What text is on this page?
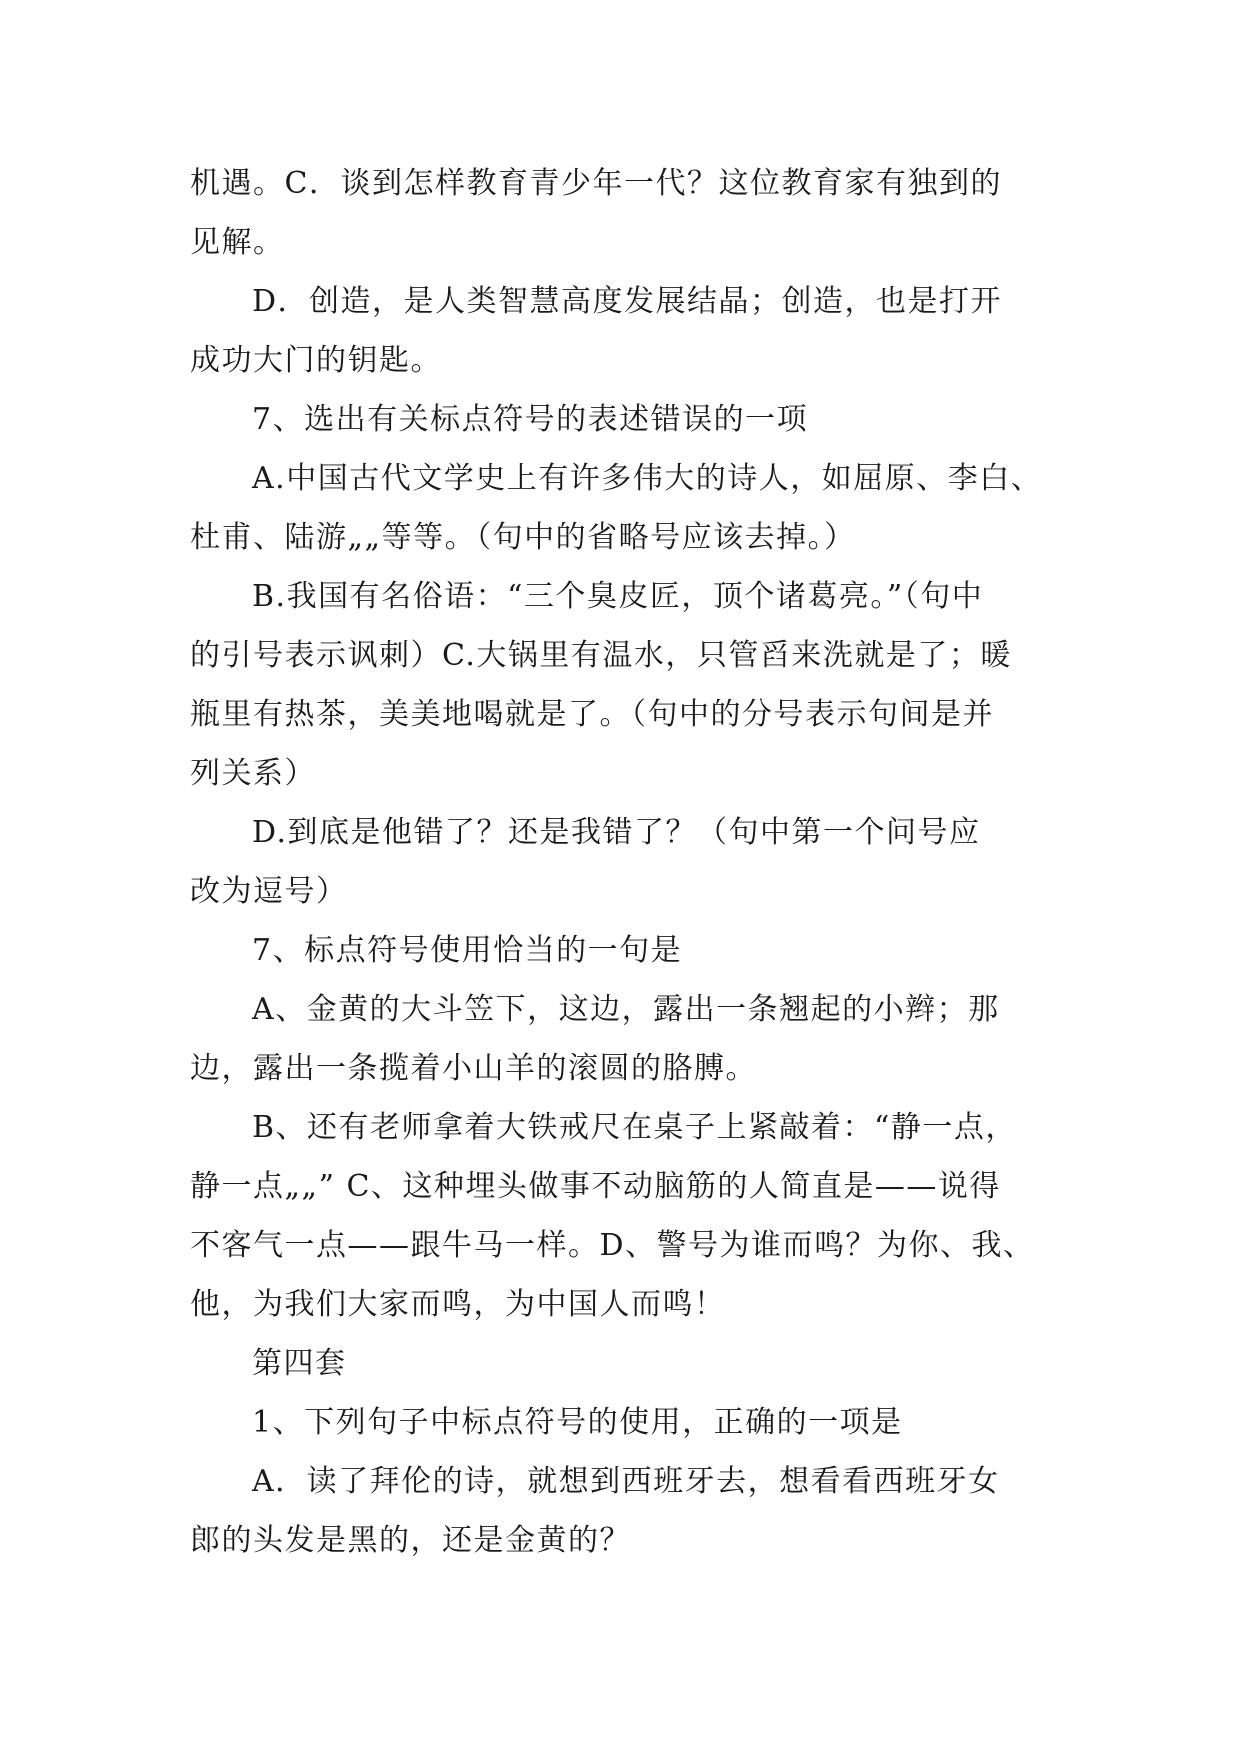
机遇。C．谈到怎样教育青少年一代？这位教育家有独到的
见解。
D．创造，是人类智慧高度发展结晶；创造，也是打开
成功大门的钥匙。
7、选出有关标点符号的表述错误的一项
A.中国古代文学史上有许多伟大的诗人，如屈原、李白、
杜甫、陆游„„等等。（句中的省略号应该去掉。）
B.我国有名俗语：“三个臭皮匠，顶个诸葛亮。”（句中
的引号表示讽刺）C.大锅里有温水，只管舀来洗就是了；暖
瓶里有热茶，美美地喝就是了。（句中的分号表示句间是并
列关系）
D.到底是他错了？还是我错了？（句中第一个问号应
改为逗号）
7、标点符号使用恰当的一句是
A、金黄的大斗笠下，这边，露出一条翘起的小辫；那
边，露出一条揽着小山羊的滚圆的胳膊。
B、还有老师拿着大铁戒尺在桌子上紧敲着：“静一点，
静一点„„” C、这种埋头做事不动脑筋的人简直是——说得
不客气一点——跟牛马一样。D、警号为谁而鸣？为你、我、
他，为我们大家而鸣，为中国人而鸣！
第四套
1、下列句子中标点符号的使用，正确的一项是
A．读了拜伦的诗，就想到西班牙去，想看看西班牙女
郎的头发是黑的，还是金黄的？
